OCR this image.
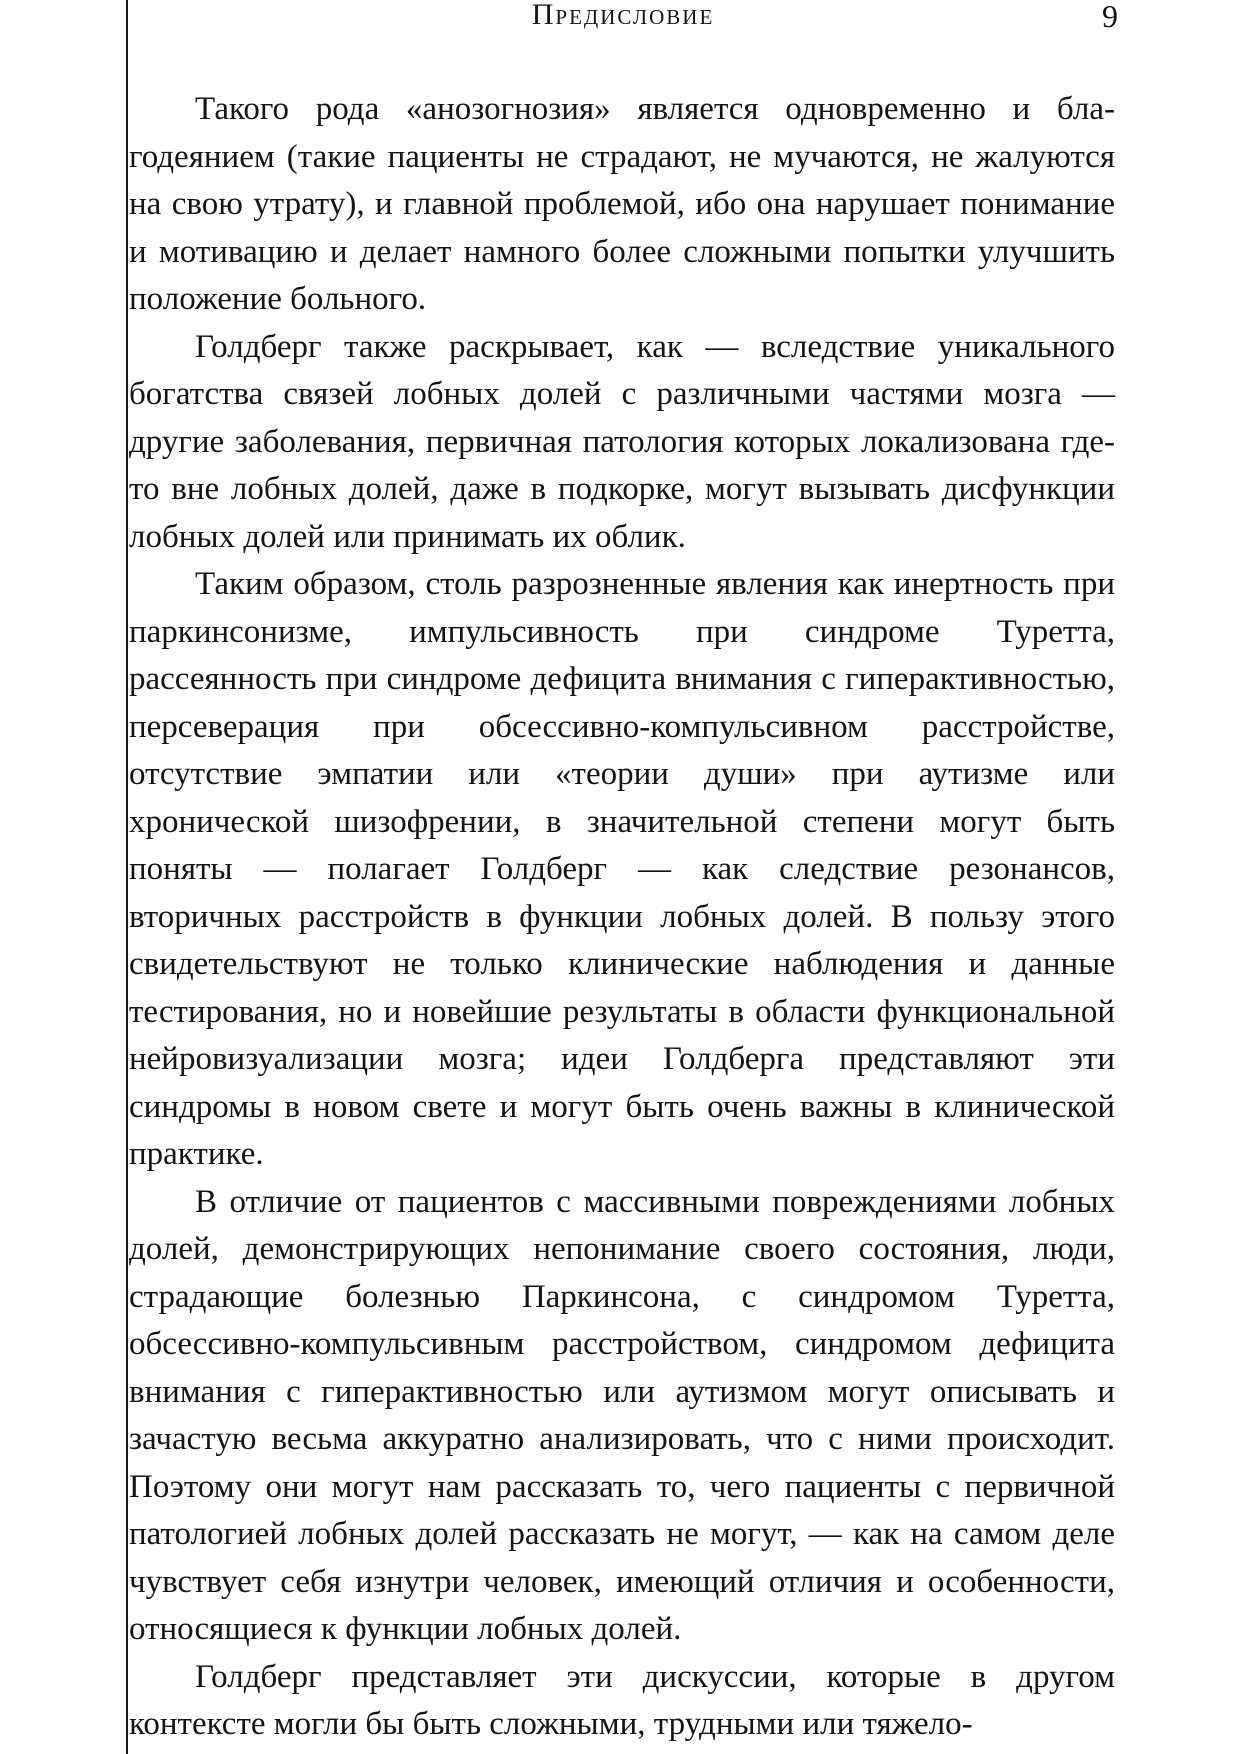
Предисловие	9

Такого рода «анозогнозия» является одновременно и благодеянием (такие пациенты не страдают, не мучаются, не жалуются на свою утрату), и главной проблемой, ибо она нарушает понимание и мотивацию и делает намного более сложными попытки улучшить положение больного.

Голдберг также раскрывает, как — вследствие уникального богатства связей лобных долей с различными частями мозга — другие заболевания, первичная патология которых локализована где-то вне лобных долей, даже в подкорке, могут вызывать дисфункции лобных долей или принимать их облик.

Таким образом, столь разрозненные явления как инертность при паркинсонизме, импульсивность при синдроме Туретта, рассеянность при синдроме дефицита внимания с гиперактивностью, персеверация при обсессивно-компульсивном расстройстве, отсутствие эмпатии или «теории души» при аутизме или хронической шизофрении, в значительной степени могут быть поняты — полагает Голдберг — как следствие резонансов, вторичных расстройств в функции лобных долей. В пользу этого свидетельствуют не только клинические наблюдения и данные тестирования, но и новейшие результаты в области функциональной нейровизуализации мозга; идеи Голдберга представляют эти синдромы в новом свете и могут быть очень важны в клинической практике.

В отличие от пациентов с массивными повреждениями лобных долей, демонстрирующих непонимание своего состояния, люди, страдающие болезнью Паркинсона, с синдромом Туретта, обсессивно-компульсивным расстройством, синдромом дефицита внимания с гиперактивностью или аутизмом могут описывать и зачастую весьма аккуратно анализировать, что с ними происходит. Поэтому они могут нам рассказать то, чего пациенты с первичной патологией лобных долей рассказать не могут, — как на самом деле чувствует себя изнутри человек, имеющий отличия и особенности, относящиеся к функции лобных долей.

Голдберг представляет эти дискуссии, которые в другом контексте могли бы быть сложными, трудными или тяжело-
